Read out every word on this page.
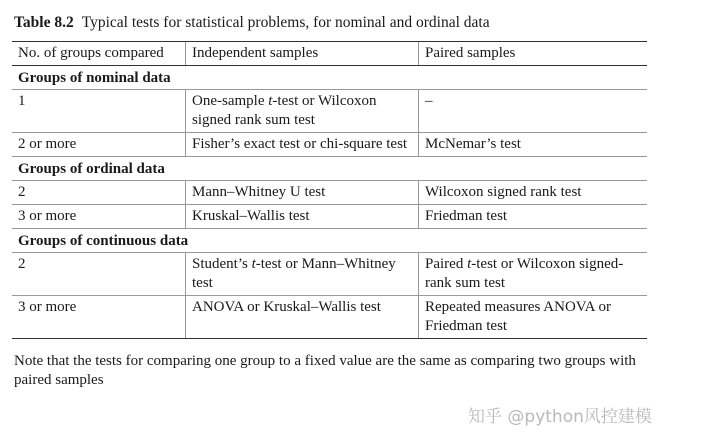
Table 8.2 Typical tests for statistical problems, for nominal and ordinal data
No. of groups compared	Independent samples	Paired samples
Groups of nominal data		
1	One-sample t-test or Wilcoxon signed rank sum test	–
2 or more	Fisher’s exact test or chi-square test	McNemar’s test
Groups of ordinal data		
2	Mann–Whitney U test	Wilcoxon signed rank test
3 or more	Kruskal–Wallis test	Friedman test
Groups of continuous data		
2	Student’s t-test or Mann–Whitney test	Paired t-test or Wilcoxon signed-rank sum test
3 or more	ANOVA or Kruskal–Wallis test	Repeated measures ANOVA or Friedman test
Note that the tests for comparing one group to a fixed value are the same as comparing two groups with paired samples
知乎 @python风控建模
